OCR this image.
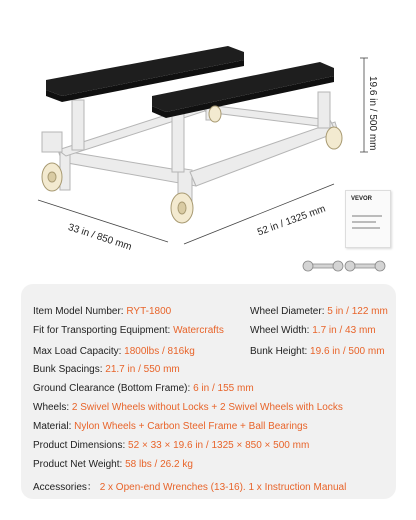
19.6 in / 500 mm
33 in / 850 mm	52 in / 1325 mm
VEVOR
Item Model Number: RYT-1800	Wheel Diameter: 5 in / 122 mm
Fit for Transporting Equipment: Watercrafts	Wheel Width: 1.7 in / 43 mm
Max Load Capacity: 1800lbs / 816kg	Bunk Height: 19.6 in / 500 mm
Bunk Spacings: 21.7 in / 550 mm
Ground Clearance (Bottom Frame): 6 in / 155 mm
Wheels: 2 Swivel Wheels without Locks + 2 Swivel Wheels with Locks
Material: Nylon Wheels + Carbon Steel Frame + Ball Bearings
Product Dimensions: 52 × 33 × 19.6 in / 1325 × 850 × 500 mm
Product Net Weight: 58 lbs / 26.2 kg
Accessories： 2 x Open-end Wrenches (13-16). 1 x Instruction Manual
